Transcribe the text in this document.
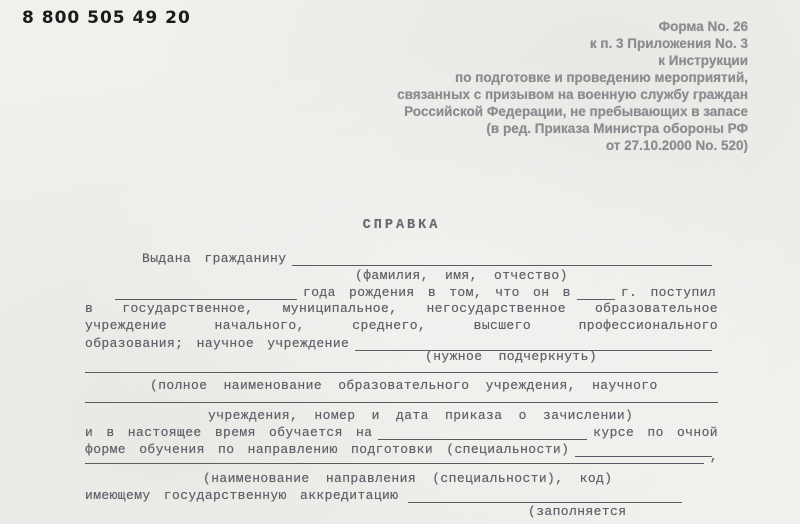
8 800 505 49 20	Форма No. 26
к п. 3 Приложения No. 3
к Инструкции
по подготовке и проведению мероприятий,
связанных с призывом на военную службу граждан
Российской Федерации, не пребывающих в запасе
(в ред. Приказа Министра обороны РФ
от 27.10.2000 No. 520)
СПРАВКА
Выдана гражданину
(фамилия, имя, отчество)
года рождения в том, что он в	г. поступил
в государственное, муниципальное, негосударственное образовательное
учреждение начального, среднего, высшего профессионального
образования; научное учреждение
(нужное подчеркнуть)
(полное наименование образовательного учреждения, научного
учреждения, номер и дата приказа о зачислении)
и в настоящее время обучается на	курсе по очной
форме обучения по направлению подготовки (специальности)	,
(наименование направления (специальности), код)
имеющему государственную аккредитацию
(заполняется
